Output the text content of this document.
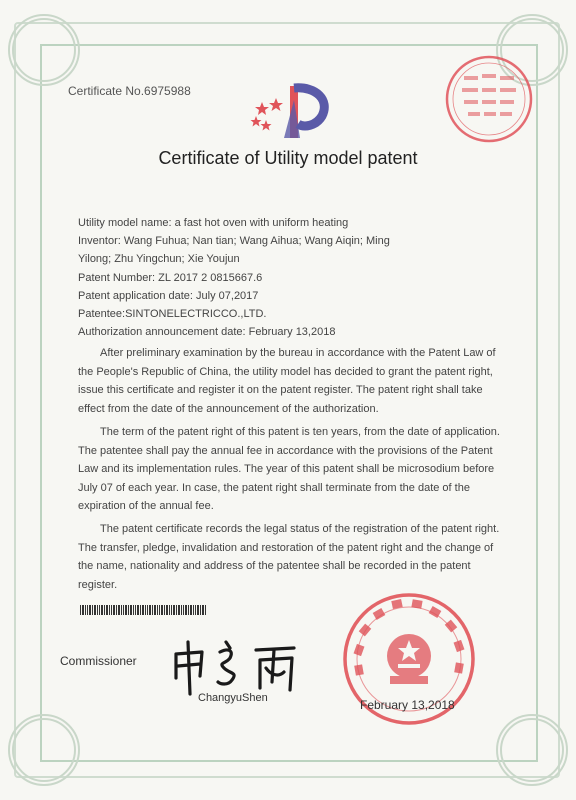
Certificate No.6975988
Certificate of Utility model patent
Utility model name: a fast hot oven with uniform heating
Inventor: Wang Fuhua; Nan tian; Wang Aihua; Wang Aiqin; Ming
Yilong; Zhu Yingchun; Xie Youjun
Patent Number: ZL 2017 2 0815667.6
Patent application date: July 07,2017
Patentee:SINTONELECTRICCO.,LTD.
Authorization announcement date: February 13,2018
After preliminary examination by the bureau in accordance with the Patent Law of the People's Republic of China, the utility model has decided to grant the patent right, issue this certificate and register it on the patent register. The patent right shall take effect from the date of the announcement of the authorization.
The term of the patent right of this patent is ten years, from the date of application. The patentee shall pay the annual fee in accordance with the provisions of the Patent Law and its implementation rules. The year of this patent shall be microsodium before July 07 of each year. In case, the patent right shall terminate from the date of the expiration of the annual fee.
The patent certificate records the legal status of the registration of the patent right. The transfer, pledge, invalidation and restoration of the patent right and the change of the name, nationality and address of the patentee shall be recorded in the patent register.
Commissioner
ChangyuShen	February 13,2018
